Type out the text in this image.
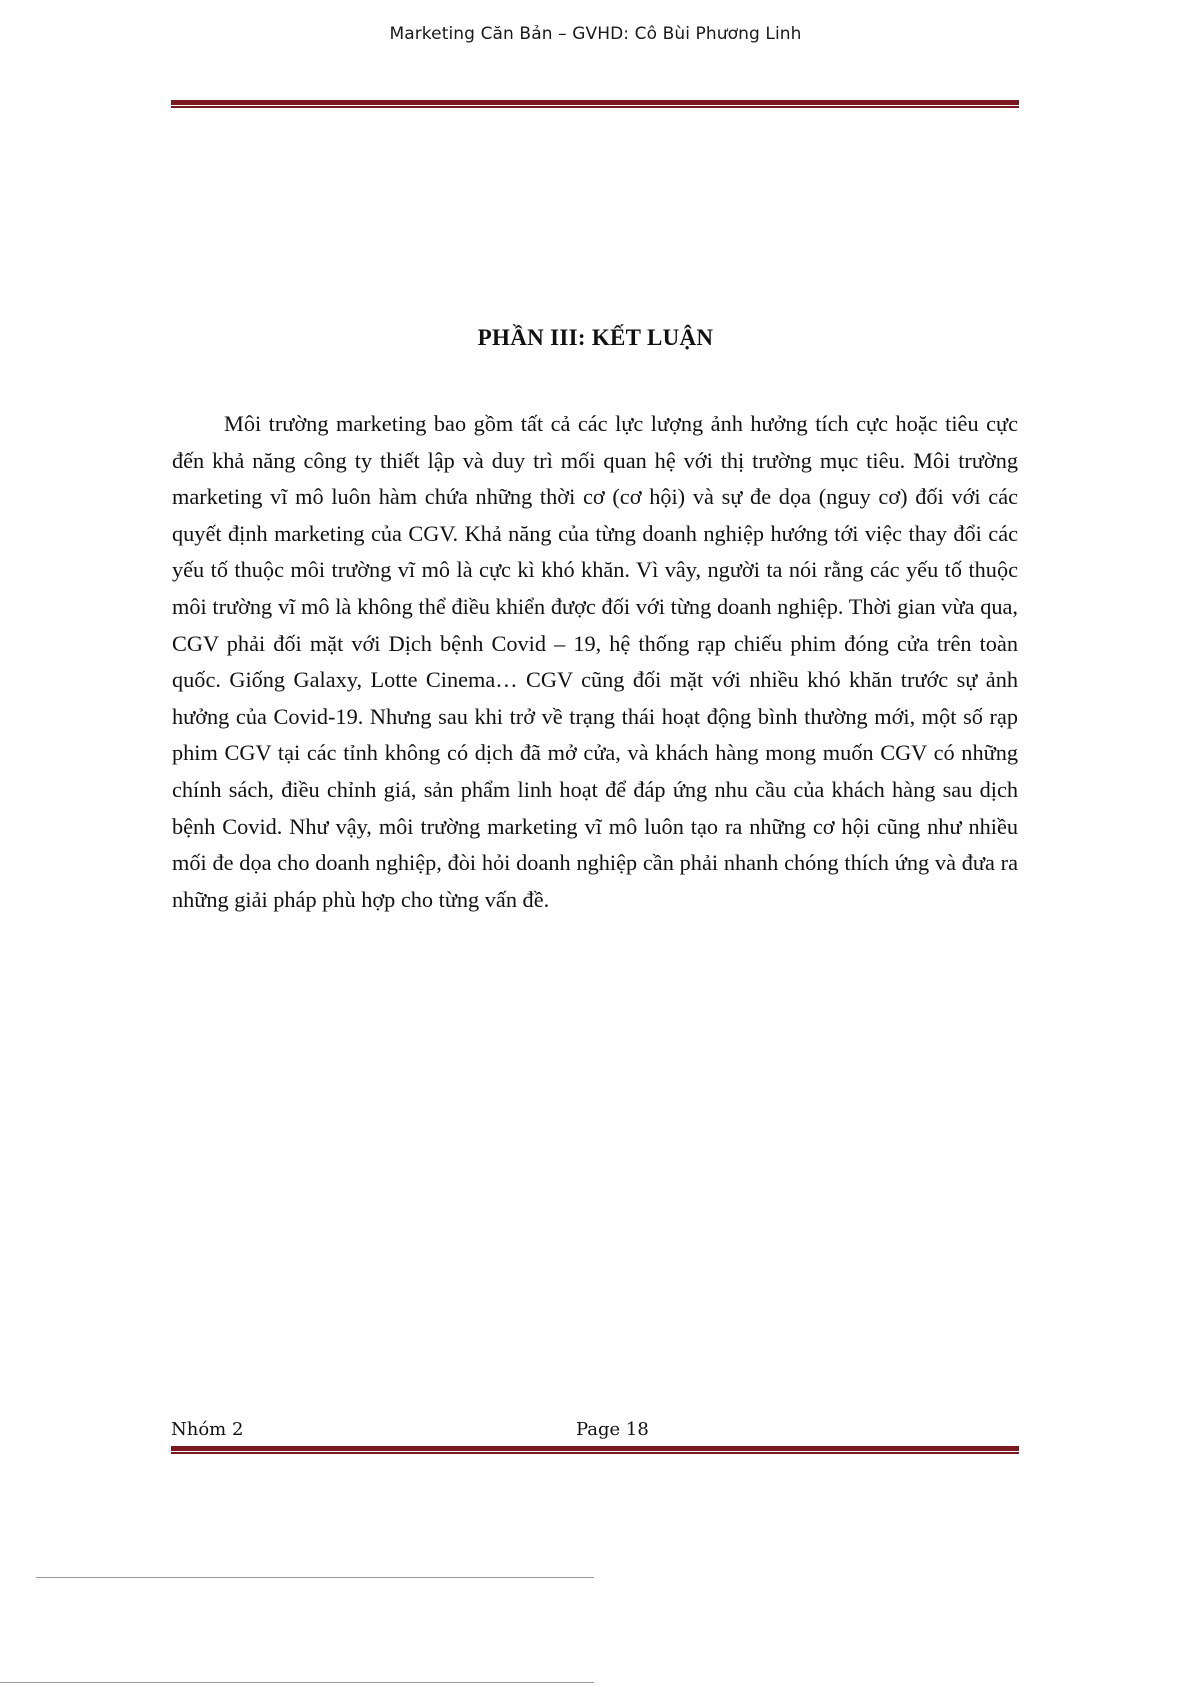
Marketing Căn Bản – GVHD: Cô Bùi Phương Linh
PHẦN III: KẾT LUẬN

Môi trường marketing bao gồm tất cả các lực lượng ảnh hưởng tích cực hoặc tiêu cực đến khả năng công ty thiết lập và duy trì mối quan hệ với thị trường mục tiêu. Môi trường marketing vĩ mô luôn hàm chứa những thời cơ (cơ hội) và sự đe dọa (nguy cơ) đối với các quyết định marketing của CGV. Khả năng của từng doanh nghiệp hướng tới việc thay đổi các yếu tố thuộc môi trường vĩ mô là cực kì khó khăn. Vì vây, người ta nói rằng các yếu tố thuộc môi trường vĩ mô là không thể điều khiển được đối với từng doanh nghiệp. Thời gian vừa qua, CGV phải đối mặt với Dịch bệnh Covid – 19, hệ thống rạp chiếu phim đóng cửa trên toàn quốc. Giống Galaxy, Lotte Cinema… CGV cũng đối mặt với nhiều khó khăn trước sự ảnh hưởng của Covid-19. Nhưng sau khi trở về trạng thái hoạt động bình thường mới, một số rạp phim CGV tại các tỉnh không có dịch đã mở cửa, và khách hàng mong muốn CGV có những chính sách, điều chỉnh giá, sản phẩm linh hoạt để đáp ứng nhu cầu của khách hàng sau dịch bệnh Covid. Như vậy, môi trường marketing vĩ mô luôn tạo ra những cơ hội cũng như nhiều mối đe dọa cho doanh nghiệp, đòi hỏi doanh nghiệp cần phải nhanh chóng thích ứng và đưa ra những giải pháp phù hợp cho từng vấn đề.

Nhóm 2	Page 18
